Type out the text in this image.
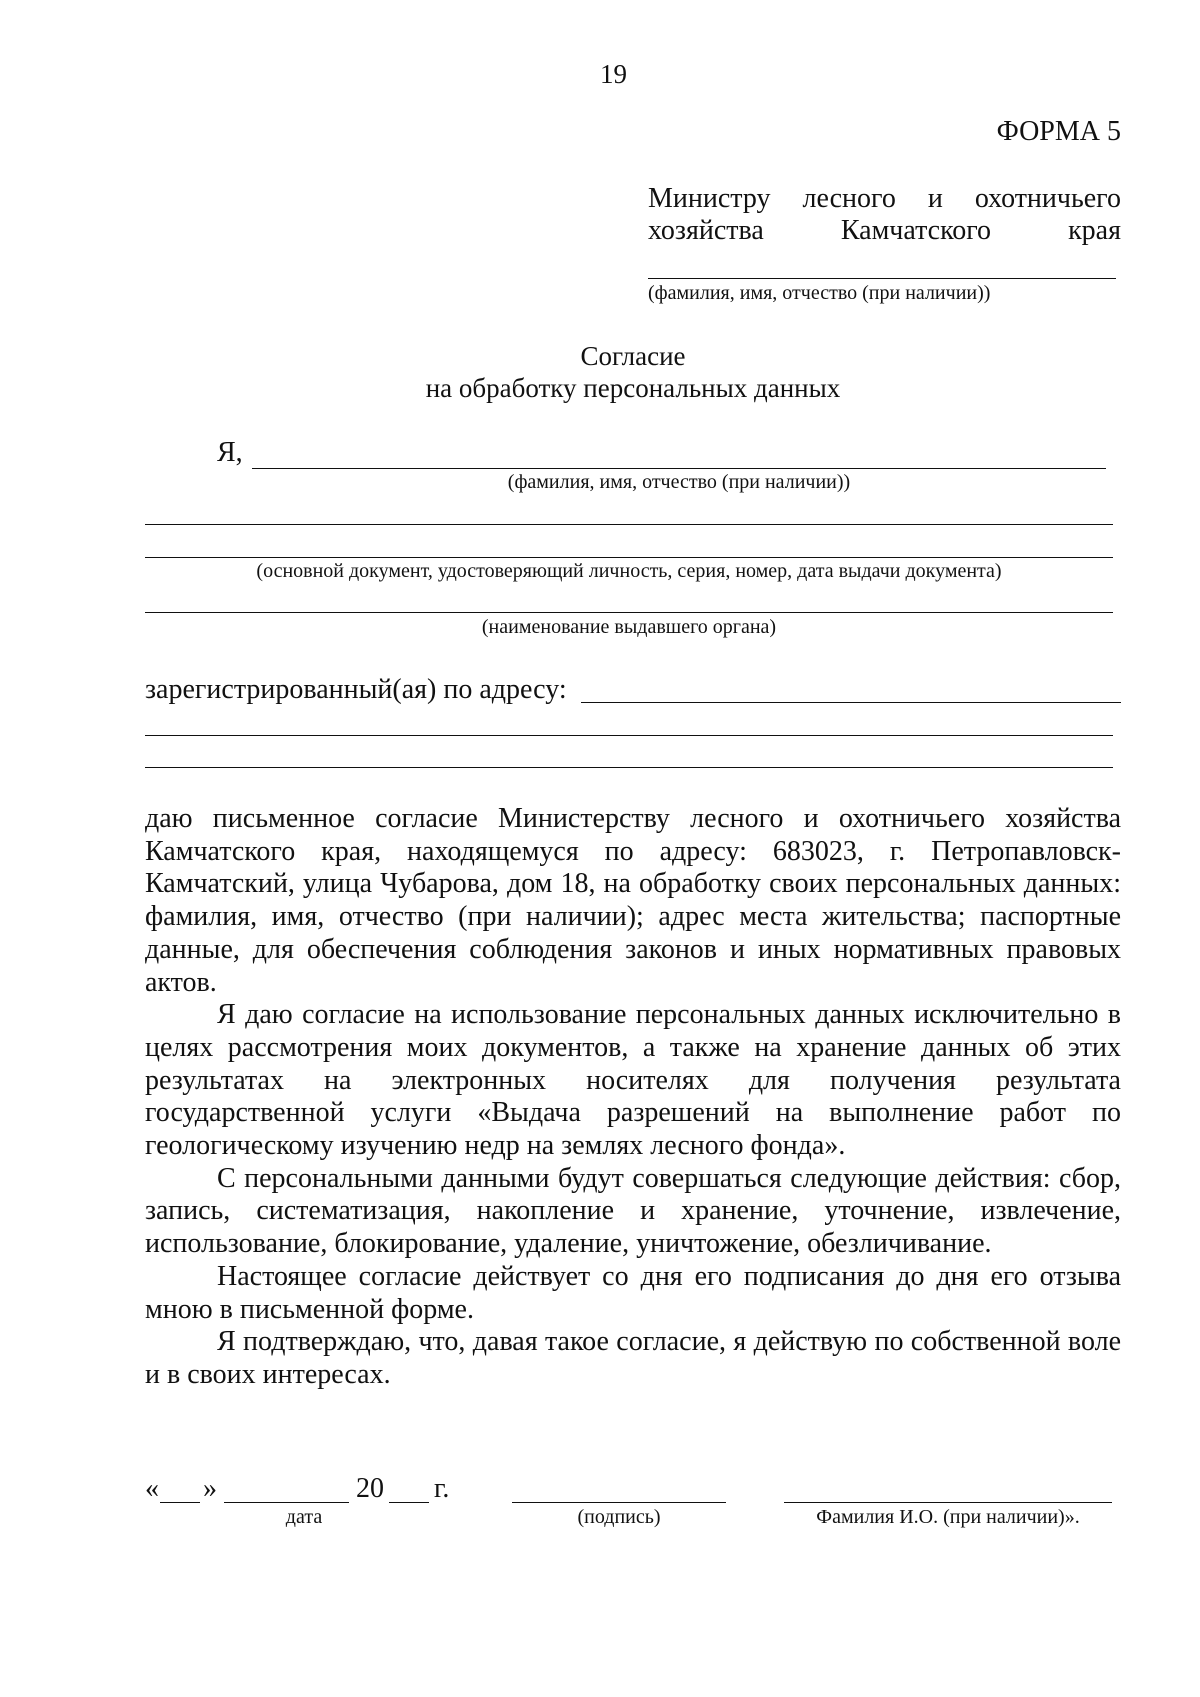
19
ФОРМА 5
Министру лесного и охотничьего
хозяйства	Камчатского	края
(фамилия, имя, отчество (при наличии))
Согласие
на обработку персональных данных
Я,
(фамилия, имя, отчество (при наличии))
(основной документ, удостоверяющий личность, серия, номер, дата выдачи документа)
(наименование выдавшего органа)
зарегистрированный(ая) по адресу:
даю письменное согласие Министерству лесного и охотничьего хозяйства Камчатского края, находящемуся по адресу: 683023, г. Петропавловск-Камчатский, улица Чубарова, дом 18, на обработку своих персональных данных: фамилия, имя, отчество (при наличии); адрес места жительства; паспортные данные, для обеспечения соблюдения законов и иных нормативных правовых актов.
Я даю согласие на использование персональных данных исключительно в целях рассмотрения моих документов, а также на хранение данных об этих результатах на электронных носителях для получения результата государственной услуги «Выдача разрешений на выполнение работ по геологическому изучению недр на землях лесного фонда».
С персональными данными будут совершаться следующие действия: сбор, запись, систематизация, накопление и хранение, уточнение, извлечение, использование, блокирование, удаление, уничтожение, обезличивание.
Настоящее согласие действует со дня его подписания до дня его отзыва мною в письменной форме.
Я подтверждаю, что, давая такое согласие, я действую по собственной воле и в своих интересах.
« »	20 г.
дата	(подпись)	Фамилия И.О. (при наличии)».
